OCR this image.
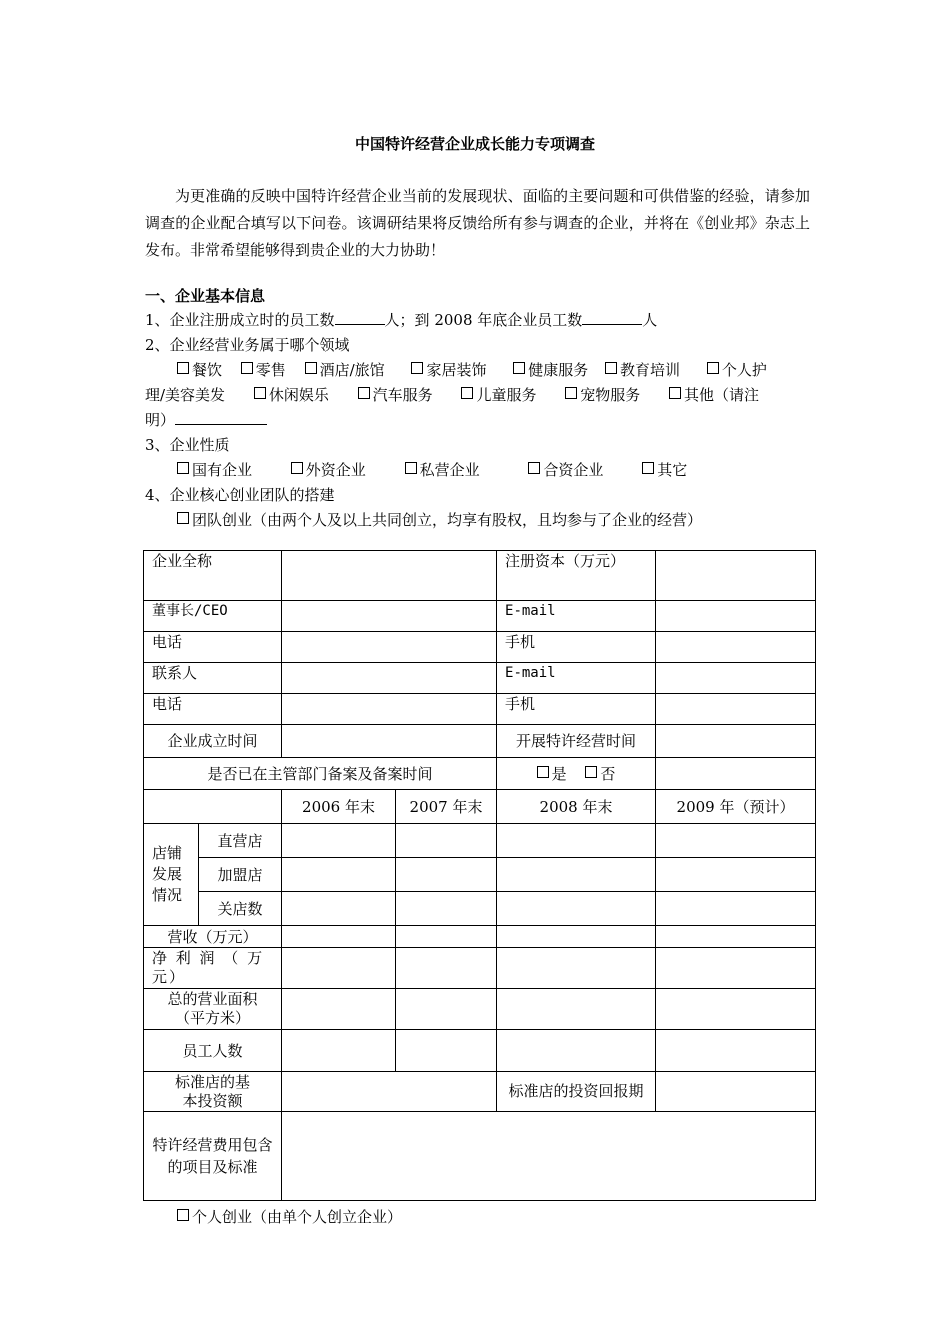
中国特许经营企业成长能力专项调查
为更准确的反映中国特许经营企业当前的发展现状、面临的主要问题和可供借鉴的经验，请参加调查的企业配合填写以下问卷。该调研结果将反馈给所有参与调查的企业，并将在《创业邦》杂志上发布。非常希望能够得到贵企业的大力协助！
一、企业基本信息
1、企业注册成立时的员工数	人；到 2008 年底企业员工数	人
2、企业经营业务属于哪个领域
餐饮 零售 酒店/旅馆	家居装饰	健康服务 教育培训	个人护
理/美容美发	休闲娱乐	汽车服务	儿童服务	宠物服务	其他（请注
明）
3、企业性质
国有企业	外资企业	私营企业	合资企业	其它
4、企业核心创业团队的搭建
团队创业（由两个人及以上共同创立，均享有股权，且均参与了企业的经营）
企业全称				注册资本（万元）	
董事长/CEO				E-mail	
电话				手机	
联系人				E-mail	
电话				手机	
企业成立时间				开展特许经营时间	
是否已在主管部门备案及备案时间				是 否	
		2006 年末	2007 年末	2008 年末	2009 年（预计）
店铺发展情况	直营店				
	加盟店				
	关店数				
营收（万元）					
净 利 润 （ 万元）					
总的营业面积（平方米）					
员工人数					
标准店的基本投资额				标准店的投资回报期	
特许经营费用包含的项目及标准					
个人创业（由单个人创立企业）
